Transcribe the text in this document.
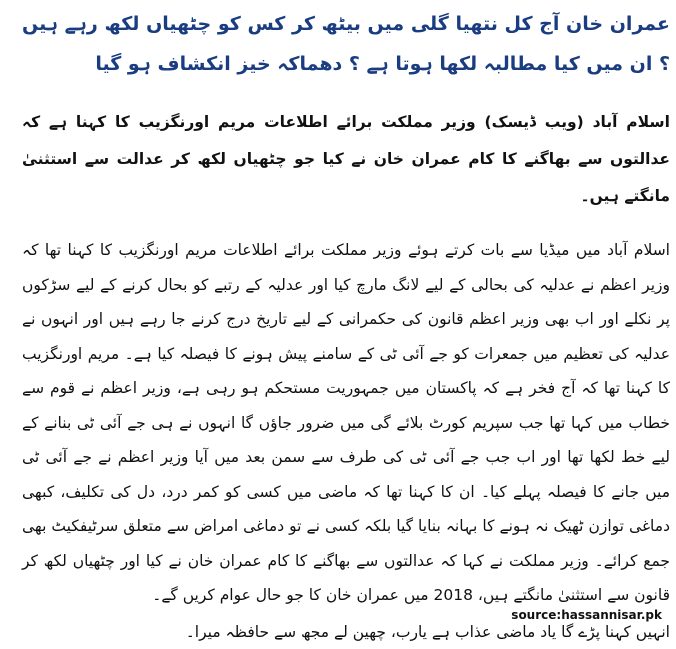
عمران خان آج کل نتھیا گلی میں بیٹھ کر کس کو چٹھیاں لکھ رہے ہیں ؟ ان میں کیا مطالبہ لکھا ہوتا ہے ؟ دھماکہ خیز انکشاف ہو گیا

اسلام آباد (ویب ڈیسک) وزیر مملکت برائے اطلاعات مریم اورنگزیب کا کہنا ہے کہ عدالتوں سے بھاگنے کا کام عمران خان نے کیا جو چٹھیاں لکھ کر عدالت سے استثنیٰ مانگتے ہیں۔

اسلام آباد میں میڈیا سے بات کرتے ہوئے وزیر مملکت برائے اطلاعات مریم اورنگزیب کا کہنا تھا کہ وزیر اعظم نے عدلیہ کی بحالی کے لیے لانگ مارچ کیا اور عدلیہ کے رتبے کو بحال کرنے کے لیے سڑکوں پر نکلے اور اب بھی وزیر اعظم قانون کی حکمرانی کے لیے تاریخ درج کرنے جا رہے ہیں اور انہوں نے عدلیہ کی تعظیم میں جمعرات کو جے آئی ٹی کے سامنے پیش ہونے کا فیصلہ کیا ہے۔ مریم اورنگزیب کا کہنا تھا کہ آج فخر ہے کہ پاکستان میں جمہوریت مستحکم ہو رہی ہے، وزیر اعظم نے قوم سے خطاب میں کہا تھا جب سپریم کورٹ بلائے گی میں ضرور جاؤں گا انہوں نے ہی جے آئی ٹی بنانے کے لیے خط لکھا تھا اور اب جب جے آئی ٹی کی طرف سے سمن بعد میں آیا وزیر اعظم نے جے آئی ٹی میں جانے کا فیصلہ پہلے کیا۔ ان کا کہنا تھا کہ ماضی میں کسی کو کمر درد، دل کی تکلیف، کبھی دماغی توازن ٹھیک نہ ہونے کا بہانہ بنایا گیا بلکہ کسی نے تو دماغی امراض سے متعلق سرٹیفکیٹ بھی جمع کرائے۔ وزیر مملکت نے کہا کہ عدالتوں سے بھاگنے کا کام عمران خان نے کیا اور چٹھیاں لکھ کر قانون سے استثنیٰ مانگتے ہیں، 2018 میں عمران خان کا جو حال عوام کریں گے۔

انہیں کہنا پڑے گا یاد ماضی عذاب ہے یارب، چھین لے مجھ سے حافظہ میرا۔

source:hassannisar.pk
